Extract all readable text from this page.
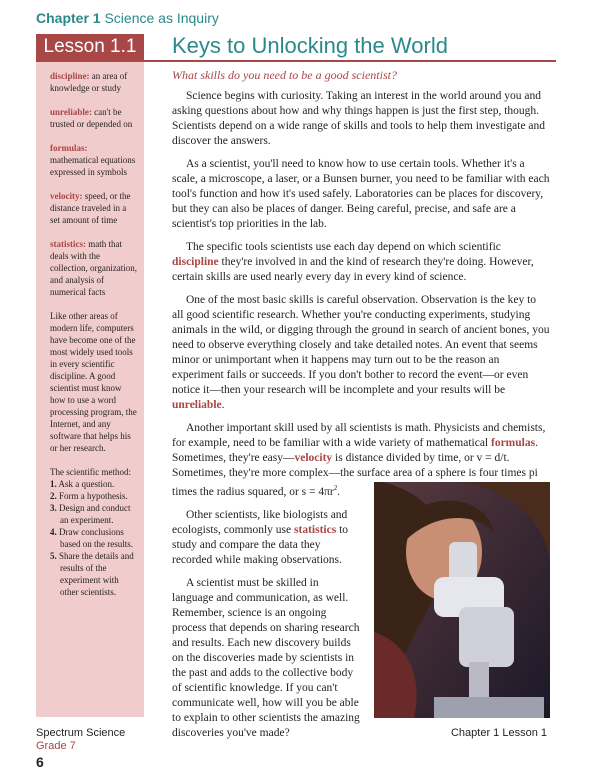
Chapter 1 Science as Inquiry
Lesson 1.1	Keys to Unlocking the World
discipline: an area of knowledge or study
unreliable: can't be trusted or depended on
formulas: mathematical equations expressed in symbols
velocity: speed, or the distance traveled in a set amount of time
statistics: math that deals with the collection, organization, and analysis of numerical facts
Like other areas of modern life, computers have become one of the most widely used tools in every scientific discipline. A good scientist must know how to use a word processing program, the Internet, and any software that helps his or her research.
The scientific method:
1. Ask a question.
2. Form a hypothesis.
3. Design and conduct an experiment.
4. Draw conclusions based on the results.
5. Share the details and results of the experiment with other scientists.
What skills do you need to be a good scientist?

Science begins with curiosity. Taking an interest in the world around you and asking questions about how and why things happen is just the first step, though. Scientists depend on a wide range of skills and tools to help them investigate and discover the answers.

As a scientist, you'll need to know how to use certain tools. Whether it's a scale, a microscope, a laser, or a Bunsen burner, you need to be familiar with each tool's function and how it's used safely. Laboratories can be places for discovery, but they can also be places of danger. Being careful, precise, and safe are a scientist's top priorities in the lab.

The specific tools scientists use each day depend on which scientific discipline they're involved in and the kind of research they're doing. However, certain skills are used nearly every day in every kind of science.

One of the most basic skills is careful observation. Observation is the key to all good scientific research. Whether you're conducting experiments, studying animals in the wild, or digging through the ground in search of ancient bones, you need to observe everything closely and take detailed notes. An event that seems minor or unimportant when it happens may turn out to be the reason an experiment fails or succeeds. If you don't bother to record the event—or even notice it—then your research will be incomplete and your results will be unreliable.

Another important skill used by all scientists is math. Physicists and chemists, for example, need to be familiar with a wide variety of mathematical formulas. Sometimes, they're easy—velocity is distance divided by time, or v = d/t. Sometimes, they're more complex—the surface area of a sphere is four times pi times the radius squared, or $s = 4\pi r^2$.

Other scientists, like biologists and ecologists, commonly use statistics to study and compare the data they recorded while making observations.

A scientist must be skilled in language and communication, as well. Remember, science is an ongoing process that depends on sharing research and results. Each new discovery builds on the discoveries made by scientists in the past and adds to the collective body of scientific knowledge. If you can't communicate well, how will you be able to explain to other scientists the amazing discoveries you've made?

Spectrum Science
Grade 7
6
Chapter 1 Lesson 1
